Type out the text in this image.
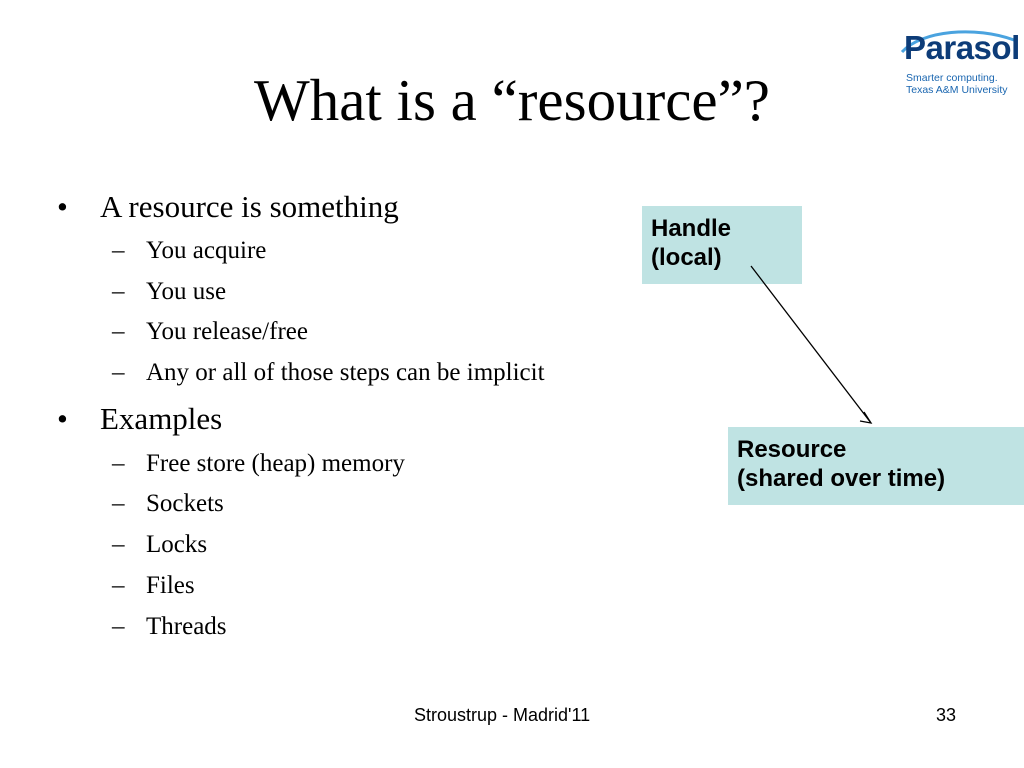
What is a “resource”?
Parasol
Smarter computing.
Texas A&M University
• A resource is something
– You acquire
– You use
– You release/free
– Any or all of those steps can be implicit
• Examples
– Free store (heap) memory
– Sockets
– Locks
– Files
– Threads
Handle
(local)
Resource
(shared over time)
Stroustrup - Madrid'11	33
